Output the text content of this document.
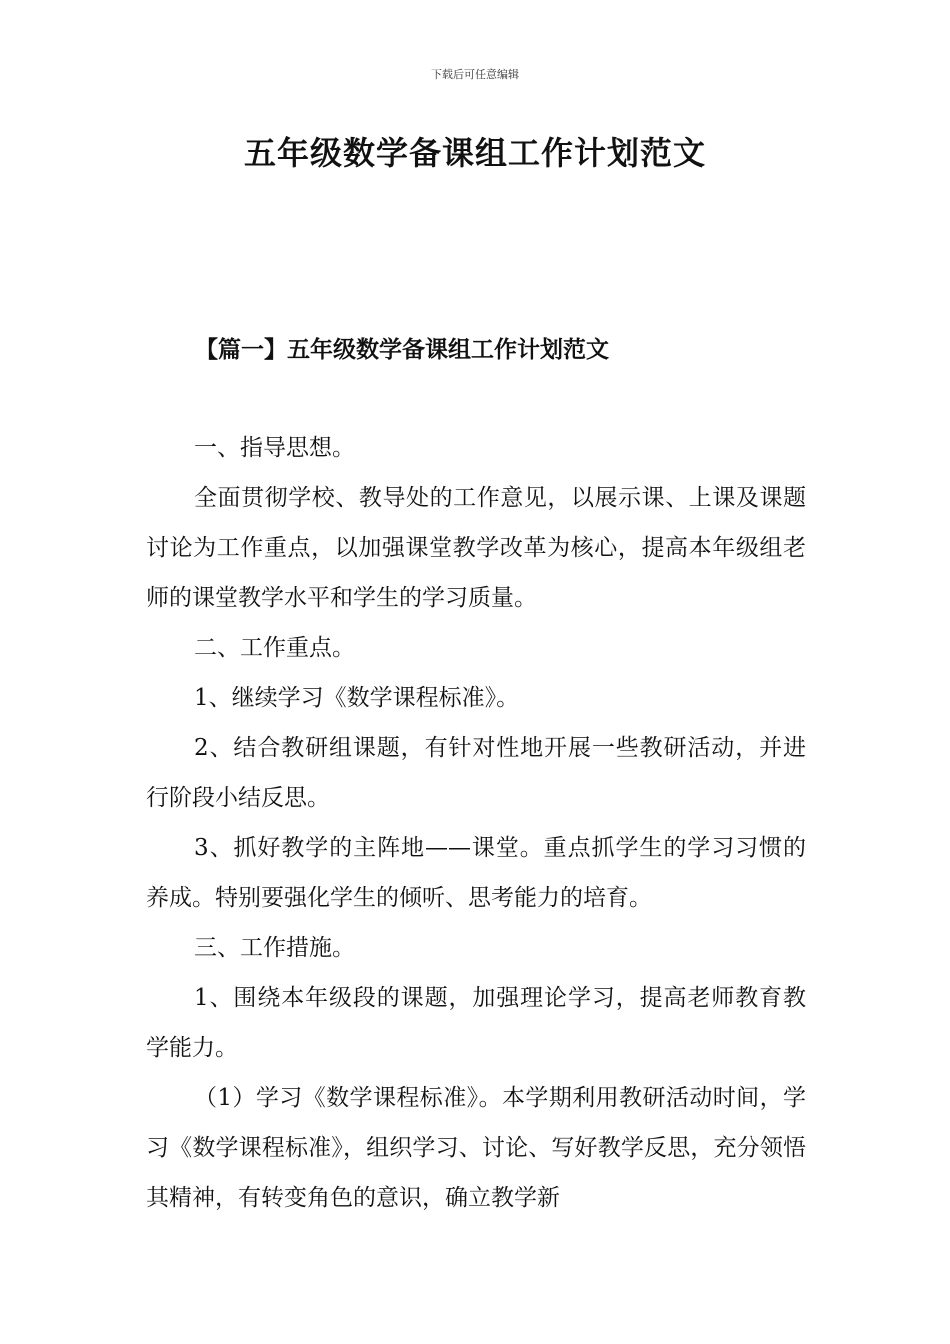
下载后可任意编辑
五年级数学备课组工作计划范文
【篇一】五年级数学备课组工作计划范文

一、指导思想。

全面贯彻学校、教导处的工作意见，以展示课、上课及课题讨论为工作重点，以加强课堂教学改革为核心，提高本年级组老师的课堂教学水平和学生的学习质量。

二、工作重点。

1、继续学习《数学课程标准》。

2、结合教研组课题，有针对性地开展一些教研活动，并进行阶段小结反思。

3、抓好教学的主阵地——课堂。重点抓学生的学习习惯的养成。特别要强化学生的倾听、思考能力的培育。

三、工作措施。

1、围绕本年级段的课题，加强理论学习，提高老师教育教学能力。

（1）学习《数学课程标准》。本学期利用教研活动时间，学习《数学课程标准》，组织学习、讨论、写好教学反思，充分领悟其精神，有转变角色的意识，确立教学新
